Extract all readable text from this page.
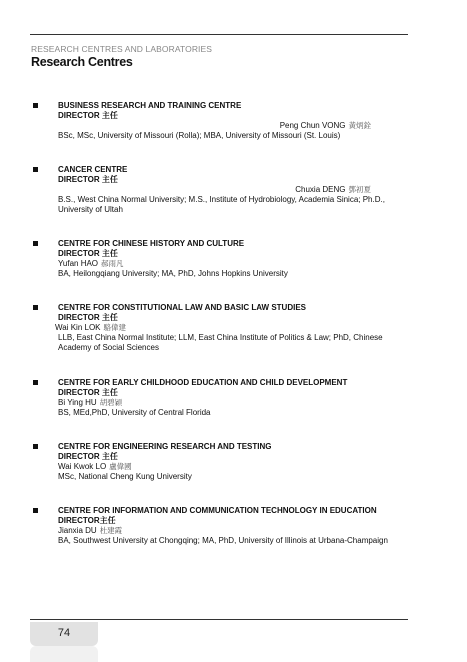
RESEARCH CENTRES AND LABORATORIES
Research Centres
BUSINESS RESEARCH AND TRAINING CENTRE
DIRECTOR 主任
Peng Chun VONG 黃炳銓
BSc, MSc, University of Missouri (Rolla); MBA, University of Missouri (St. Louis)
CANCER CENTRE
DIRECTOR 主任
Chuxia DENG 鄧初夏
B.S., West China Normal University; M.S., Institute of Hydrobiology, Academia Sinica; Ph.D., University of Ultah
CENTRE FOR CHINESE HISTORY AND CULTURE
DIRECTOR 主任
Yufan HAO 郝雨凡
BA, Heilongqiang University; MA, PhD, Johns Hopkins University
CENTRE FOR CONSTITUTIONAL LAW AND BASIC LAW STUDIES
DIRECTOR 主任
Wai Kin LOK 駱偉建
LLB, East China Normal Institute; LLM, East China Institute of Politics & Law; PhD, Chinese Academy of Social Sciences
CENTRE FOR EARLY CHILDHOOD EDUCATION AND CHILD DEVELOPMENT
DIRECTOR 主任
Bi Ying HU 胡碧穎
BS, MEd,PhD, University of Central Florida
CENTRE FOR ENGINEERING RESEARCH AND TESTING
DIRECTOR 主任
Wai Kwok LO 盧偉國
MSc, National Cheng Kung University
CENTRE FOR INFORMATION AND COMMUNICATION TECHNOLOGY IN EDUCATION
DIRECTOR主任
Jianxia DU 杜建霞
BA, Southwest University at Chongqing; MA, PhD, University of Illinois at Urbana-Champaign
74
